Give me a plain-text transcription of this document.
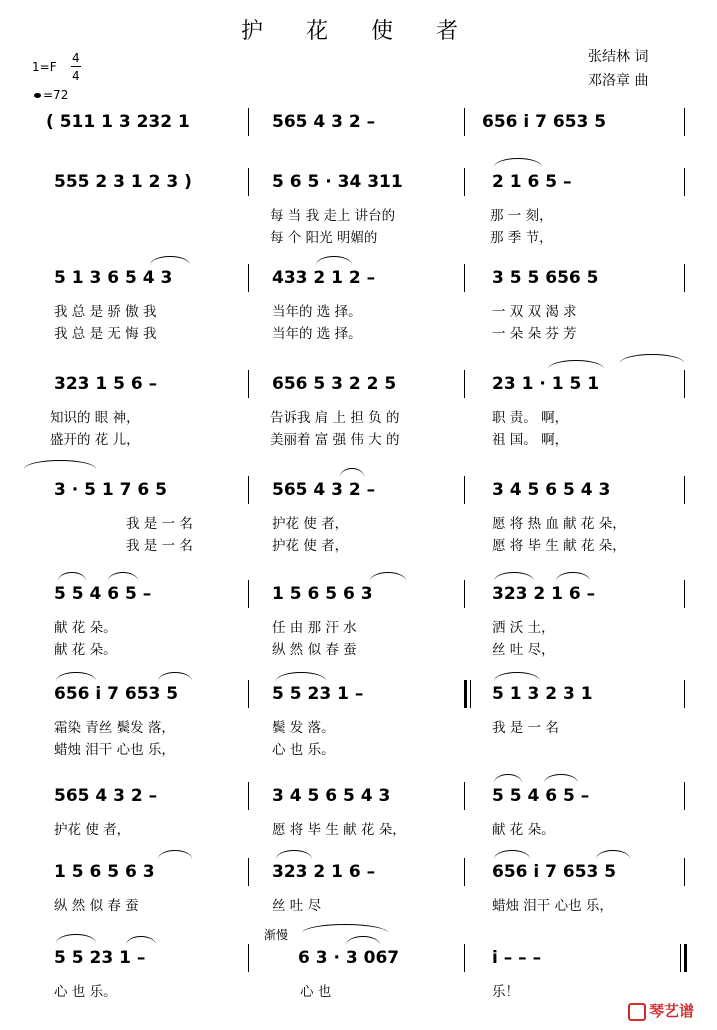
护 花 使 者
张结林 词
邓洛章 曲
1=F
4
4
=72

( 511 1 3 232 1

	565 4 3 2 –

	656 i 7 653 5

555 2 3 1 2 3 )

	5 6 5 · 34 311

	2 1 6 5 –

每 当 我 走上 讲台的	那 一 刻，
每 个 阳光 明媚的	那 季 节，

5 1 3 6 5 4 3

	433 2 1 2 –

	3 5 5 656 5

我 总 是 骄 傲 我	当年的 选 择。	一 双 双 渴 求
我 总 是 无 悔 我	当年的 选 择。	一 朵 朵 芬 芳

323 1 5 6 –

	656 5 3 2 2 5

	23 1 · 1 5 1

知识的 眼 神，	告诉我 肩 上 担 负 的	职 责。 啊，
盛开的 花 儿，	美丽着 富 强 伟 大 的	祖 国。 啊，

3 · 5 1 7 6 5

	565 4 3 2 –

	3 4 5 6 5 4 3

我 是 一 名	护花 使 者，	愿 将 热 血 献 花 朵，
我 是 一 名	护花 使 者，	愿 将 毕 生 献 花 朵，

5 5 4 6 5 –

	1 5 6 5 6 3

	323 2 1 6 –

献 花 朵。	任 由 那 汗 水	洒 沃 土，
献 花 朵。	纵 然 似 春 蚕	丝 吐 尽，

656 i 7 653 5

	5 5 23 1 –

	5 1 3 2 3 1

霜染 青丝 鬓发 落，	鬓 发 落。	我 是 一 名
蜡烛 泪干 心也 乐，	心 也 乐。

565 4 3 2 –

	3 4 5 6 5 4 3

	5 5 4 6 5 –

护花 使 者，	愿 将 毕 生 献 花 朵，	献 花 朵。

1 5 6 5 6 3

	323 2 1 6 –

	656 i 7 653 5

纵 然 似 春 蚕	丝 吐 尽	蜡烛 泪干 心也 乐，
渐慢

5 5 23 1 –

	6 3 · 3 067

	i – – –

心 也 乐。	心 也	乐！
琴艺谱
